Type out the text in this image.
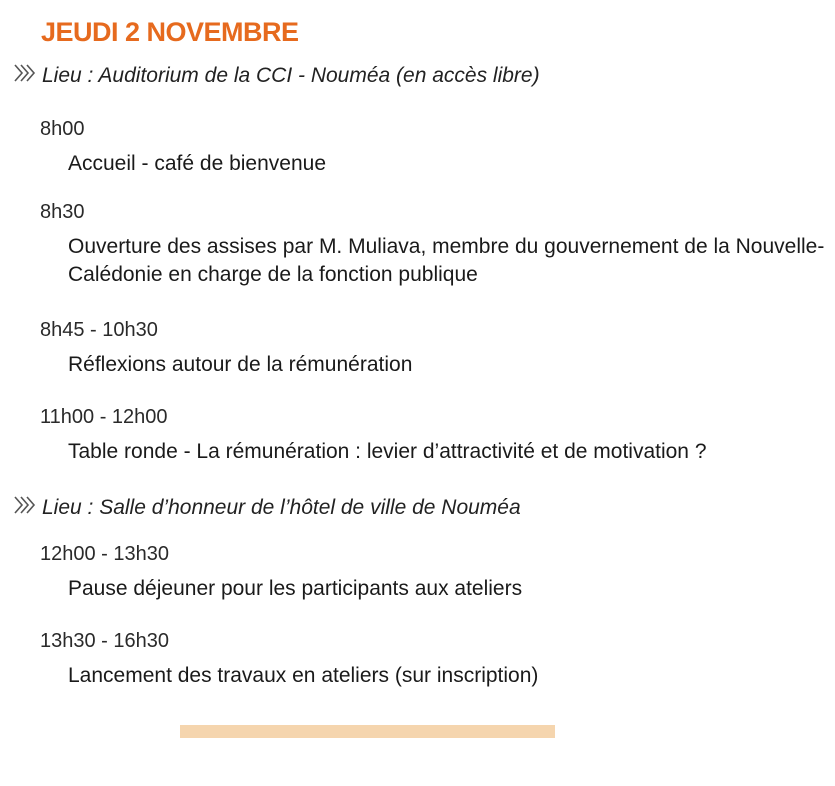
JEUDI 2 NOVEMBRE
Lieu : Auditorium de la CCI - Nouméa (en accès libre)
8h00
Accueil - café de bienvenue
8h30
Ouverture des assises par M. Muliava, membre du gouvernement de la Nouvelle-Calédonie en charge de la fonction publique
8h45 - 10h30
Réflexions autour de la rémunération
11h00 - 12h00
Table ronde - La rémunération : levier d’attractivité et de motivation ?
Lieu : Salle d’honneur de l’hôtel de ville de Nouméa
12h00 - 13h30
Pause déjeuner pour les participants aux ateliers
13h30 - 16h30
Lancement des travaux en ateliers (sur inscription)
